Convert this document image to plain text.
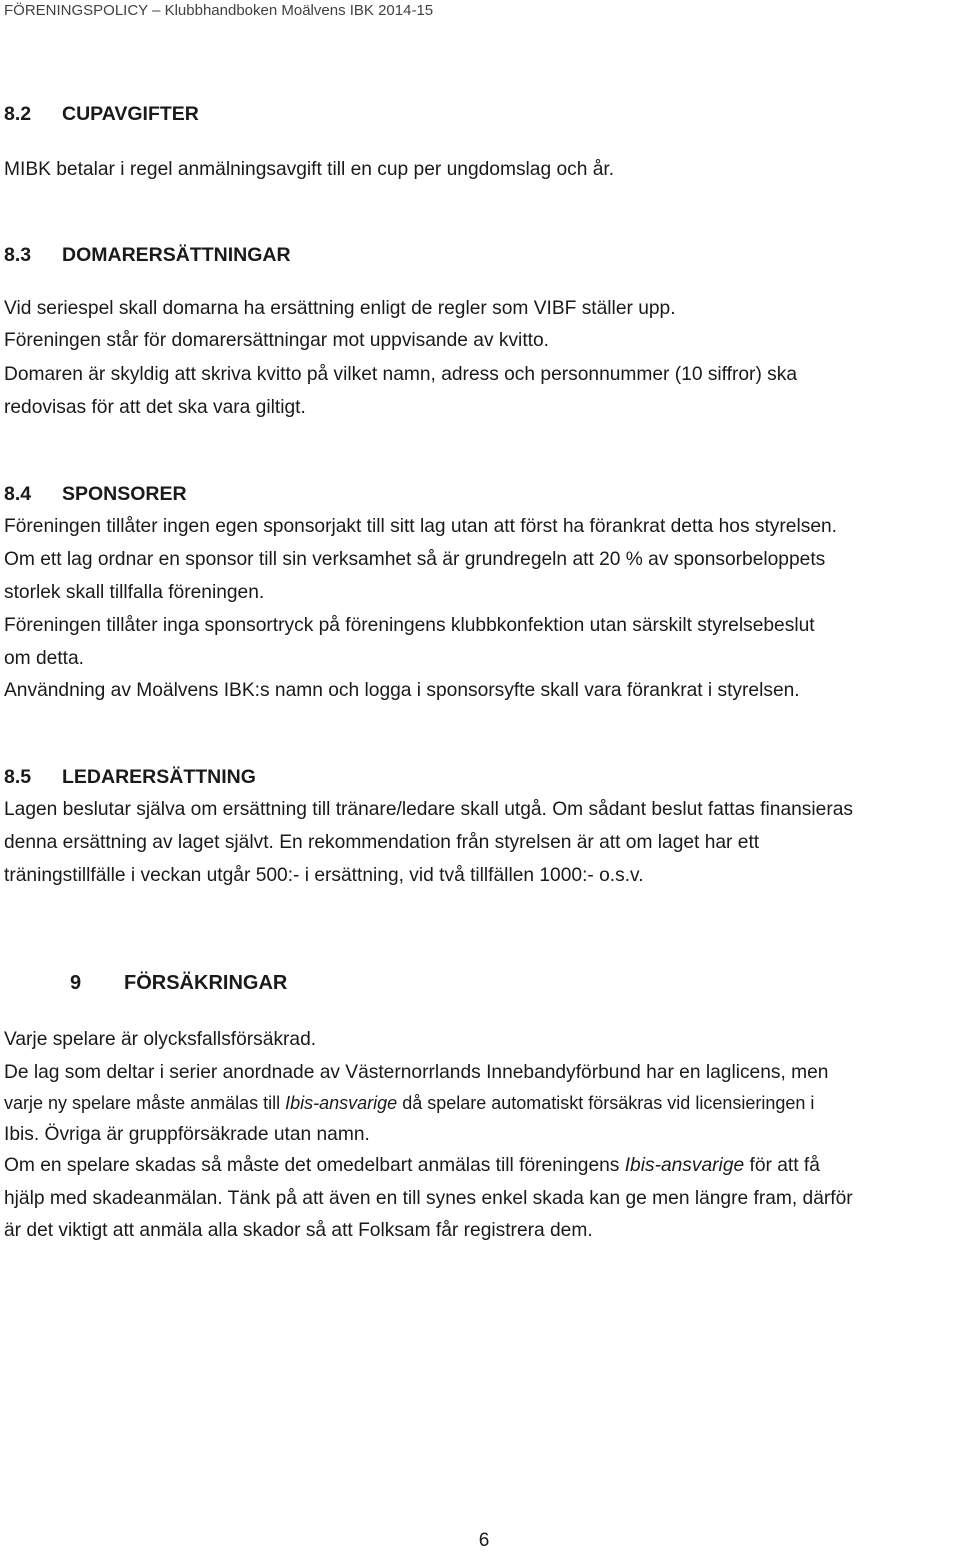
FÖRENINGSPOLICY – Klubbhandboken Moälvens IBK 2014-15
8.2 CUPAVGIFTER
MIBK betalar i regel anmälningsavgift till en cup per ungdomslag och år.
8.3 DOMARERSÄTTNINGAR
Vid seriespel skall domarna ha ersättning enligt de regler som VIBF ställer upp.
Föreningen står för domarersättningar mot uppvisande av kvitto.
Domaren är skyldig att skriva kvitto på vilket namn, adress och personnummer (10 siffror) ska
redovisas för att det ska vara giltigt.
8.4 SPONSORER
Föreningen tillåter ingen egen sponsorjakt till sitt lag utan att först ha förankrat detta hos styrelsen.
Om ett lag ordnar en sponsor till sin verksamhet så är grundregeln att 20 % av sponsorbeloppets
storlek skall tillfalla föreningen.
Föreningen tillåter inga sponsortryck på föreningens klubbkonfektion utan särskilt styrelsebeslut
om detta.
Användning av Moälvens IBK:s namn och logga i sponsorsyfte skall vara förankrat i styrelsen.
8.5 LEDARERSÄTTNING
Lagen beslutar själva om ersättning till tränare/ledare skall utgå. Om sådant beslut fattas finansieras
denna ersättning av laget självt. En rekommendation från styrelsen är att om laget har ett
träningstillfälle i veckan utgår 500:- i ersättning, vid två tillfällen 1000:- o.s.v.
9 FÖRSÄKRINGAR
Varje spelare är olycksfallsförsäkrad.
De lag som deltar i serier anordnade av Västernorrlands Innebandyförbund har en laglicens, men
varje ny spelare måste anmälas till Ibis-ansvarige då spelare automatiskt försäkras vid licensieringen i
Ibis. Övriga är gruppförsäkrade utan namn.
Om en spelare skadas så måste det omedelbart anmälas till föreningens Ibis-ansvarige för att få
hjälp med skadeanmälan. Tänk på att även en till synes enkel skada kan ge men längre fram, därför
är det viktigt att anmäla alla skador så att Folksam får registrera dem.
6
